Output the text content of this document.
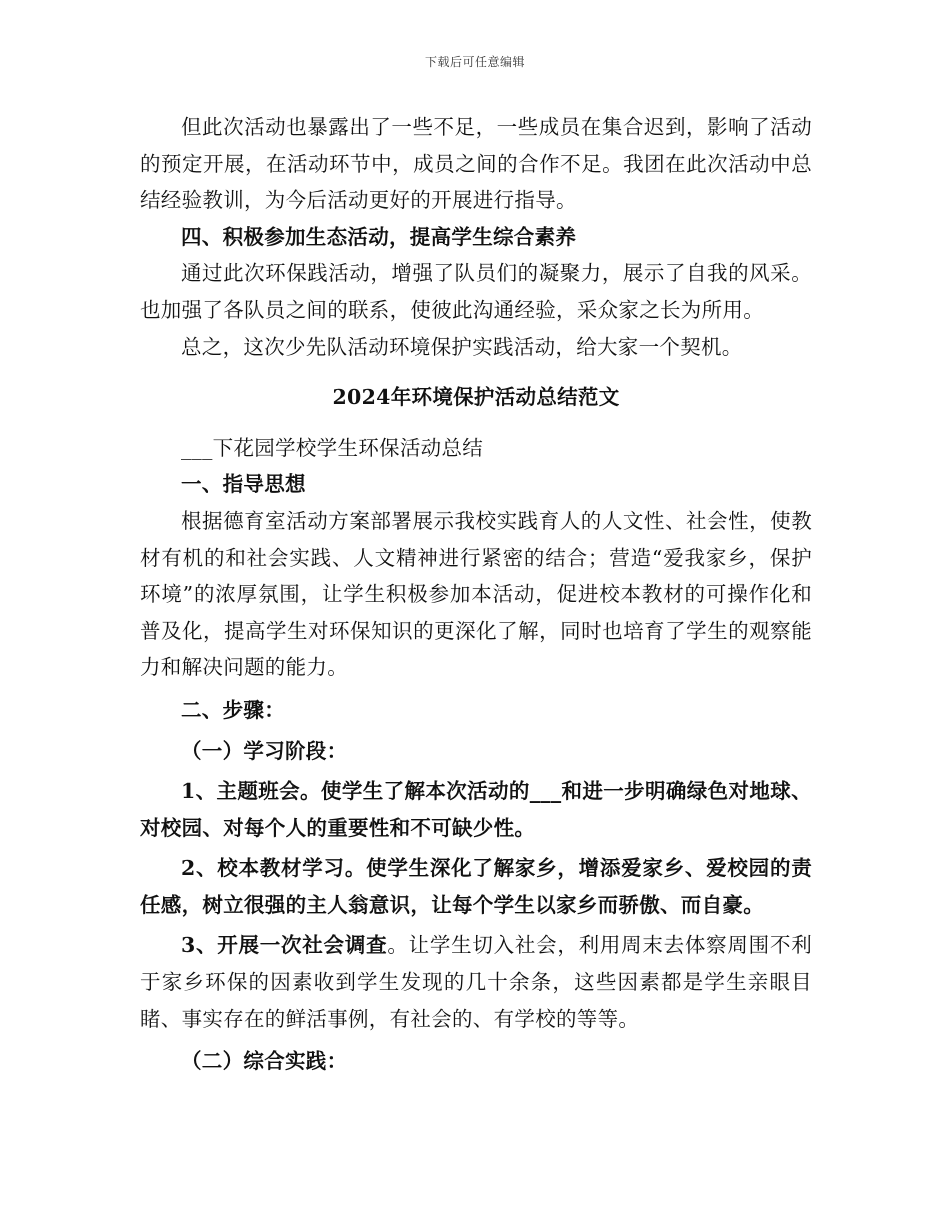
下载后可任意编辑

但此次活动也暴露出了一些不足，一些成员在集合迟到，影响了活动的预定开展，在活动环节中，成员之间的合作不足。我团在此次活动中总结经验教训，为今后活动更好的开展进行指导。

四、积极参加生态活动，提高学生综合素养

通过此次环保践活动，增强了队员们的凝聚力，展示了自我的风采。也加强了各队员之间的联系，使彼此沟通经验，采众家之长为所用。

总之，这次少先队活动环境保护实践活动，给大家一个契机。

2024年环境保护活动总结范文

___下花园学校学生环保活动总结

一、指导思想

根据德育室活动方案部署展示我校实践育人的人文性、社会性，使教材有机的和社会实践、人文精神进行紧密的结合；营造“爱我家乡，保护环境”的浓厚氛围，让学生积极参加本活动，促进校本教材的可操作化和普及化，提高学生对环保知识的更深化了解，同时也培育了学生的观察能力和解决问题的能力。

二、步骤：

（一）学习阶段：

1、主题班会。使学生了解本次活动的___和进一步明确绿色对地球、对校园、对每个人的重要性和不可缺少性。

2、校本教材学习。使学生深化了解家乡，增添爱家乡、爱校园的责任感，树立很强的主人翁意识，让每个学生以家乡而骄傲、而自豪。

3、开展一次社会调查。让学生切入社会，利用周末去体察周围不利于家乡环保的因素收到学生发现的几十余条，这些因素都是学生亲眼目睹、事实存在的鲜活事例，有社会的、有学校的等等。

（二）综合实践：
